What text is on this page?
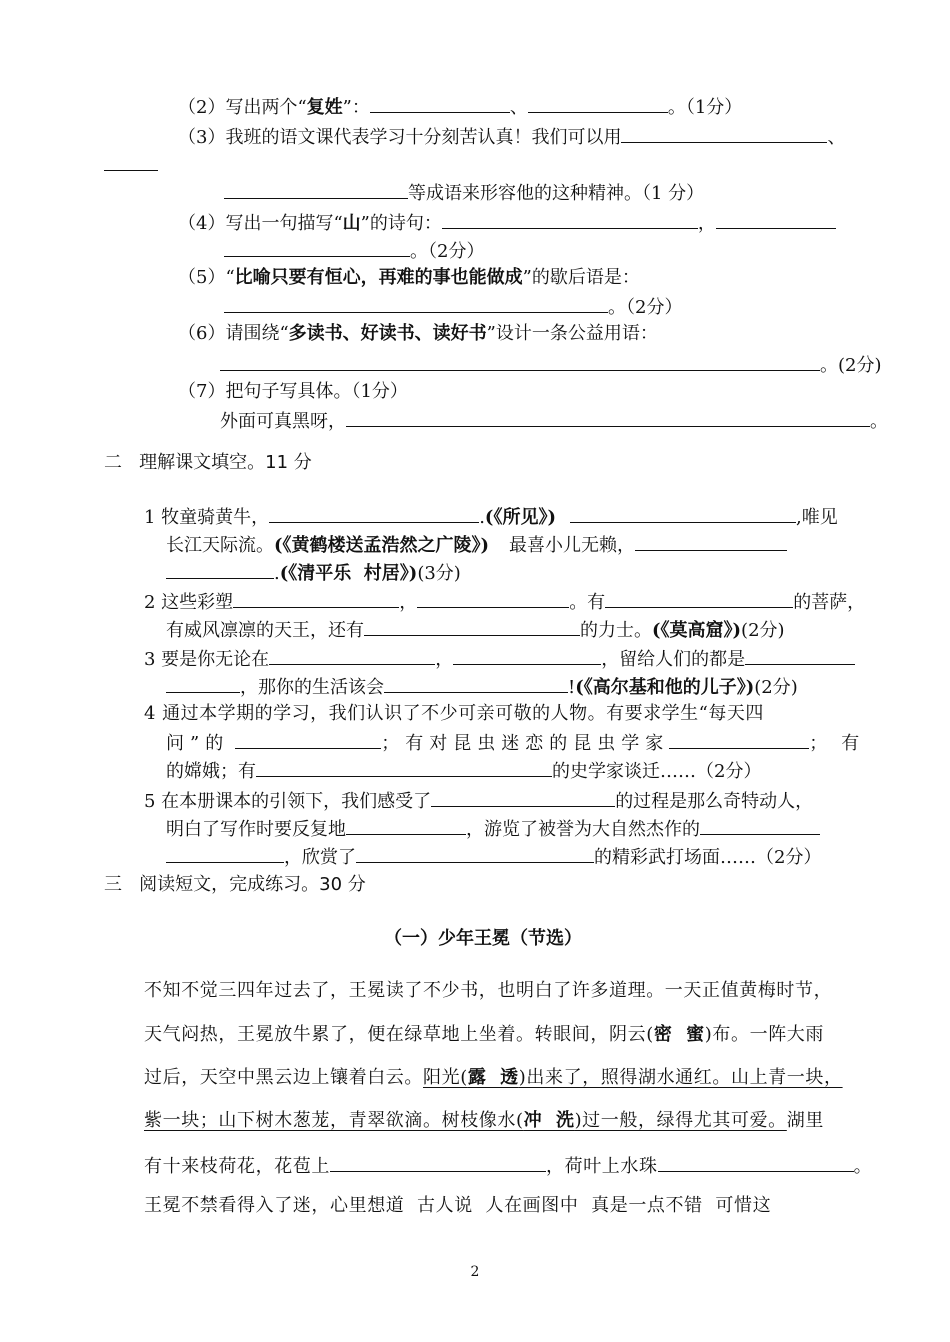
（2）写出两个“复姓”：	、	。（1分）
（3）我班的语文课代表学习十分刻苦认真！我们可以用	、
等成语来形容他的这种精神。（1 分）
（4）写出一句描写“山”的诗句：	，
。（2分）
（5）“比喻只要有恒心，再难的事也能做成”的歇后语是：
。（2分）
（6）请围绕“多读书、好读书、读好书”设计一条公益用语：
。(2分)
（7）把句子写具体。（1分）
外面可真黑呀，	。
二   理解课文填空。11 分
1 牧童骑黄牛，	.(《所见》)	,唯见
长江天际流。(《黄鹤楼送孟浩然之广陵》) 最喜小儿无赖，
.(《清平乐  村居》)(3分)
2 这些彩塑	，	。有	的菩萨，
有威风凛凛的天王，还有	的力士。(《莫高窟》)(2分)
3 要是你无论在	，	，留给人们的都是
，那你的生活该会	!(《高尔基和他的儿子》)(2分)
4 通过本学期的学习，我们认识了不少可亲可敬的人物。有要求学生“每天四
问”的	；有对昆虫迷恋的昆虫学家	；有
的嫦娥；有	的史学家谈迁……（2分）
5 在本册课本的引领下，我们感受了	的过程是那么奇特动人，
明白了写作时要反复地	，游览了被誉为大自然杰作的
，欣赏了	的精彩武打场面……（2分）
三   阅读短文，完成练习。30 分
（一）少年王冕（节选）
不知不觉三四年过去了，王冕读了不少书，也明白了许多道理。一天正值黄梅时节，
天气闷热，王冕放牛累了，便在绿草地上坐着。转眼间，阴云(密  蜜)布。一阵大雨
过后，天空中黑云边上镶着白云。阳光(露  透)出来了，照得湖水通红。山上青一块，
紫一块；山下树木葱茏，青翠欲滴。树枝像水(冲  洗)过一般，绿得尤其可爱。湖里
有十来枝荷花，花苞上	，荷叶上水珠	。
王冕不禁看得入了迷，心里想道  古人说  人在画图中  真是一点不错  可惜这
2
